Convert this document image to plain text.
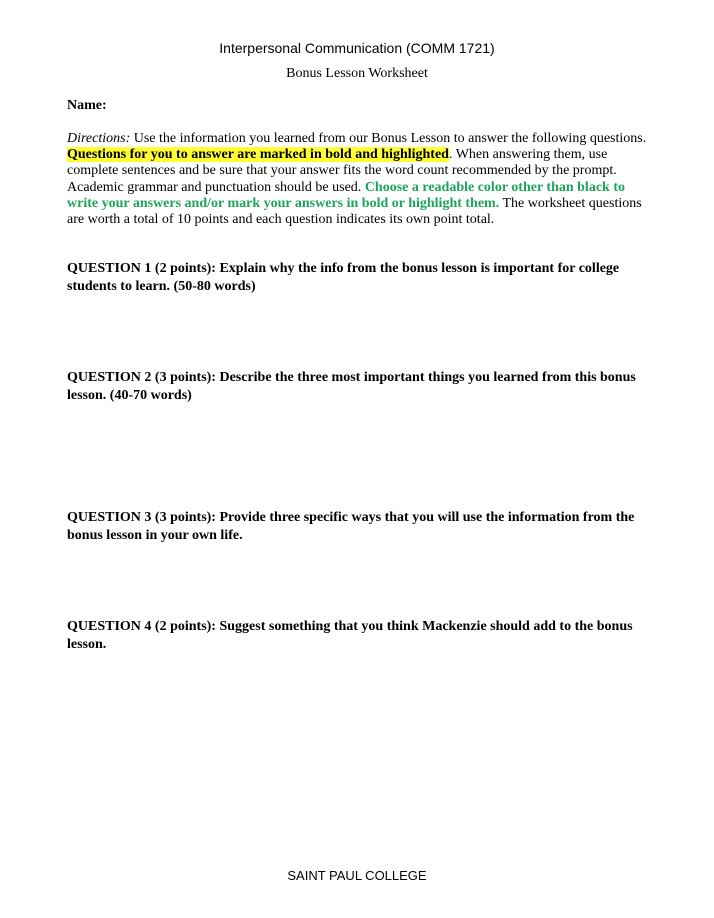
Interpersonal Communication (COMM 1721)
Bonus Lesson Worksheet
Name:
Directions: Use the information you learned from our Bonus Lesson to answer the following questions. Questions for you to answer are marked in bold and highlighted. When answering them, use complete sentences and be sure that your answer fits the word count recommended by the prompt. Academic grammar and punctuation should be used. Choose a readable color other than black to write your answers and/or mark your answers in bold or highlight them. The worksheet questions are worth a total of 10 points and each question indicates its own point total.
QUESTION 1 (2 points): Explain why the info from the bonus lesson is important for college students to learn. (50-80 words)
QUESTION 2 (3 points): Describe the three most important things you learned from this bonus lesson. (40-70 words)
QUESTION 3 (3 points): Provide three specific ways that you will use the information from the bonus lesson in your own life.
QUESTION 4 (2 points): Suggest something that you think Mackenzie should add to the bonus lesson.
SAINT PAUL COLLEGE
